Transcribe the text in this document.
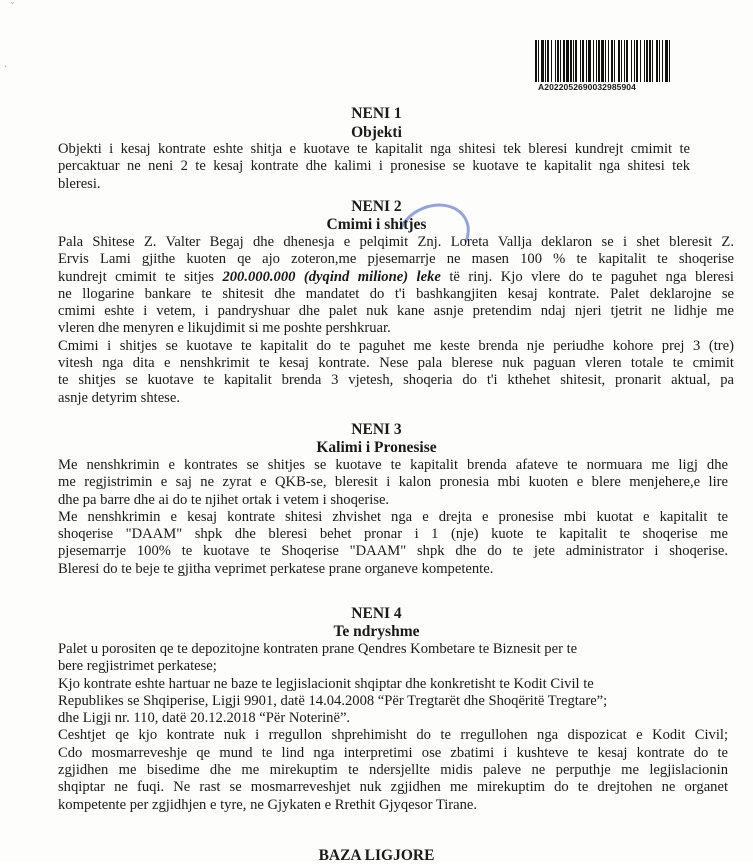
ˇ
·
A2022052690032985904
NENI 1
Objekti
Objekti i kesaj kontrate eshte shitja e kuotave te kapitalit nga shitesi tek bleresi kundrejt cmimit te
percaktuar ne neni 2 te kesaj kontrate dhe kalimi i pronesise se kuotave te kapitalit nga shitesi tek
bleresi.
NENI 2
Cmimi i shitjes
Pala Shitese Z. Valter Begaj dhe dhenesja e pelqimit Znj. Loreta Vallja deklaron se i shet bleresit Z.
Ervis Lami gjithe kuoten qe ajo zoteron,me pjesemarrje ne masen 100 % te kapitalit te shoqerise
kundrejt cmimit te sitjes 200.000.000 (dyqind milione) leke të rinj. Kjo vlere do te paguhet nga bleresi
ne llogarine bankare te shitesit dhe mandatet do t'i bashkangjiten kesaj kontrate. Palet deklarojne se
cmimi eshte i vetem, i pandryshuar dhe palet nuk kane asnje pretendim ndaj njeri tjetrit ne lidhje me
vleren dhe menyren e likujdimit si me poshte pershkruar.
Cmimi i shitjes se kuotave te kapitalit do te paguhet me keste brenda nje periudhe kohore prej 3 (tre)
vitesh nga dita e nenshkrimit te kesaj kontrate. Nese pala blerese nuk paguan vleren totale te cmimit
te shitjes se kuotave te kapitalit brenda 3 vjetesh, shoqeria do t'i kthehet shitesit, pronarit aktual, pa
asnje detyrim shtese.
NENI 3
Kalimi i Pronesise
Me nenshkrimin e kontrates se shitjes se kuotave te kapitalit brenda afateve te normuara me ligj dhe
me regjistrimin e saj ne zyrat e QKB-se, bleresit i kalon pronesia mbi kuoten e blere menjehere,e lire
dhe pa barre dhe ai do te njihet ortak i vetem i shoqerise.
Me nenshkrimin e kesaj kontrate shitesi zhvishet nga e drejta e pronesise mbi kuotat e kapitalit te
shoqerise "DAAM" shpk dhe bleresi behet pronar i 1 (nje) kuote te kapitalit te shoqerise me
pjesemarrje 100% te kuotave te Shoqerise "DAAM" shpk dhe do te jete administrator i shoqerise.
Bleresi do te beje te gjitha veprimet perkatese prane organeve kompetente.
NENI 4
Te ndryshme
Palet u porositen qe te depozitojne kontraten prane Qendres Kombetare te Biznesit per te
bere regjistrimet perkatese;
Kjo kontrate eshte hartuar ne baze te legjislacionit shqiptar dhe konkretisht te Kodit Civil te
Republikes se Shqiperise, Ligji 9901, datë 14.04.2008 “Për Tregtarët dhe Shoqëritë Tregtare”;
dhe Ligji nr. 110, datë 20.12.2018 “Për Noterinë”.
Ceshtjet qe kjo kontrate nuk i rregullon shprehimisht do te rregullohen nga dispozicat e Kodit Civil;
Cdo mosmarreveshje qe mund te lind nga interpretimi ose zbatimi i kushteve te kesaj kontrate do te
zgjidhen me bisedime dhe me mirekuptim te ndersjellte midis paleve ne perputhje me legjislacionin
shqiptar ne fuqi. Ne rast se mosmarreveshjet nuk zgjidhen me mirekuptim do te drejtohen ne organet
kompetente per zgjidhjen e tyre, ne Gjykaten e Rrethit Gjyqesor Tirane.
BAZA LIGJORE
